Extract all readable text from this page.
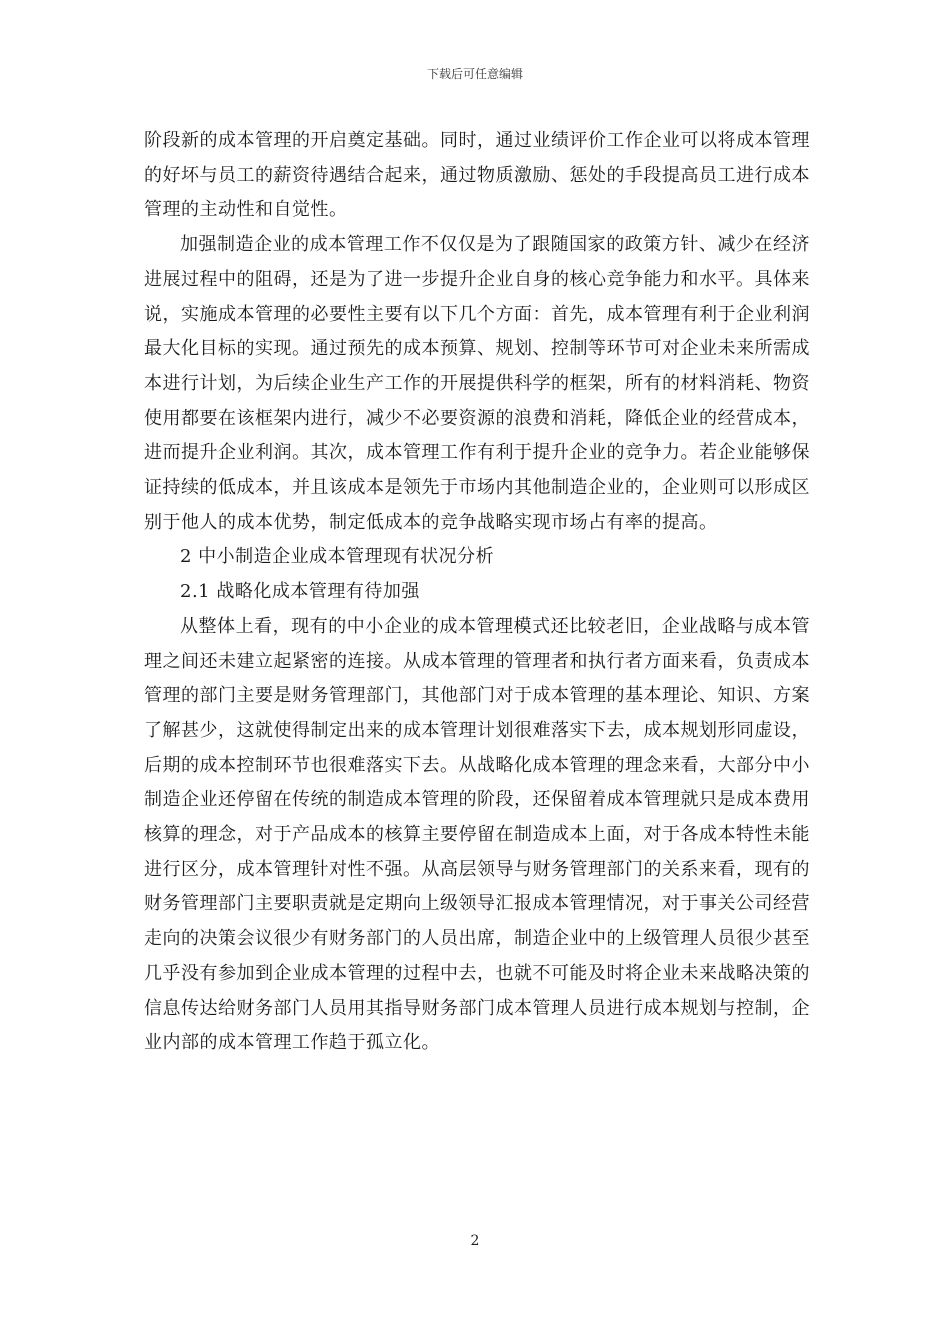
下载后可任意编辑

阶段新的成本管理的开启奠定基础。同时，通过业绩评价工作企业可以将成本管理的好坏与员工的薪资待遇结合起来，通过物质激励、惩处的手段提高员工进行成本管理的主动性和自觉性。

加强制造企业的成本管理工作不仅仅是为了跟随国家的政策方针、减少在经济进展过程中的阻碍，还是为了进一步提升企业自身的核心竞争能力和水平。具体来说，实施成本管理的必要性主要有以下几个方面：首先，成本管理有利于企业利润最大化目标的实现。通过预先的成本预算、规划、控制等环节可对企业未来所需成本进行计划，为后续企业生产工作的开展提供科学的框架，所有的材料消耗、物资使用都要在该框架内进行，减少不必要资源的浪费和消耗，降低企业的经营成本，进而提升企业利润。其次，成本管理工作有利于提升企业的竞争力。若企业能够保证持续的低成本，并且该成本是领先于市场内其他制造企业的，企业则可以形成区别于他人的成本优势，制定低成本的竞争战略实现市场占有率的提高。

2 中小制造企业成本管理现有状况分析

2.1 战略化成本管理有待加强

从整体上看，现有的中小企业的成本管理模式还比较老旧，企业战略与成本管理之间还未建立起紧密的连接。从成本管理的管理者和执行者方面来看，负责成本管理的部门主要是财务管理部门，其他部门对于成本管理的基本理论、知识、方案了解甚少，这就使得制定出来的成本管理计划很难落实下去，成本规划形同虚设，后期的成本控制环节也很难落实下去。从战略化成本管理的理念来看，大部分中小制造企业还停留在传统的制造成本管理的阶段，还保留着成本管理就只是成本费用核算的理念，对于产品成本的核算主要停留在制造成本上面，对于各成本特性未能进行区分，成本管理针对性不强。从高层领导与财务管理部门的关系来看，现有的财务管理部门主要职责就是定期向上级领导汇报成本管理情况，对于事关公司经营走向的决策会议很少有财务部门的人员出席，制造企业中的上级管理人员很少甚至几乎没有参加到企业成本管理的过程中去，也就不可能及时将企业未来战略决策的信息传达给财务部门人员用其指导财务部门成本管理人员进行成本规划与控制，企业内部的成本管理工作趋于孤立化。

2
